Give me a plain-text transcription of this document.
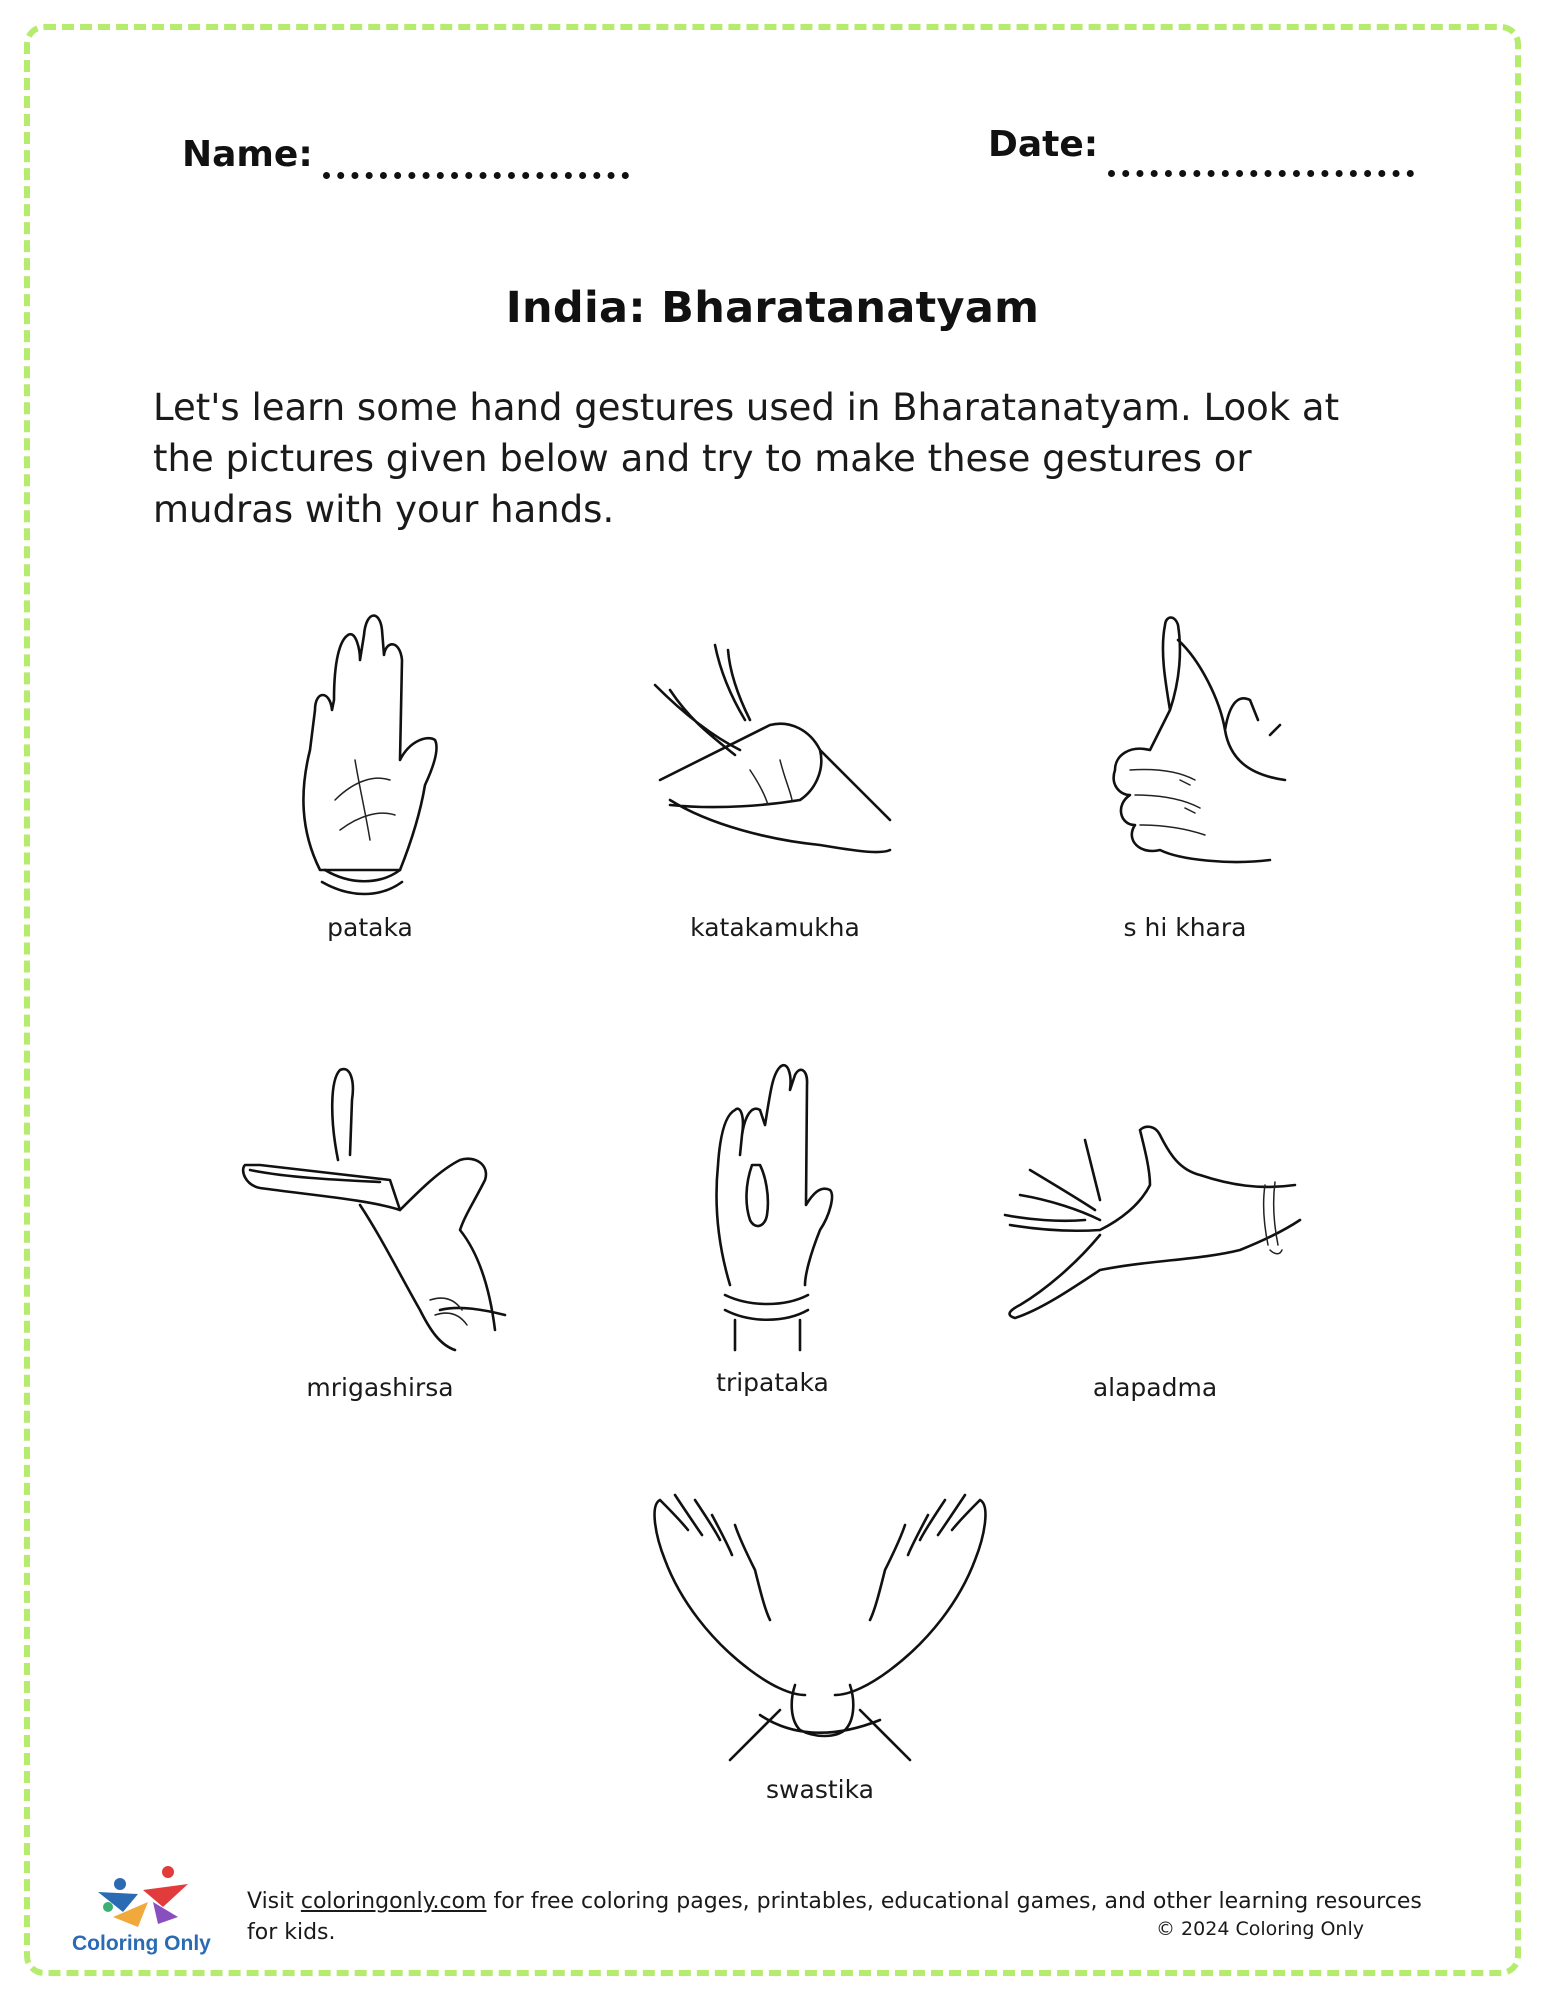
Name:	Date:
India: Bharatanatyam
Let's learn some hand gestures used in Bharatanatyam. Look at the pictures given below and try to make these gestures or mudras with your hands.
pataka	katakamukha	s hi khara
mrigashirsa	tripataka	alapadma
swastika
Coloring Only
Visit coloringonly.com for free coloring pages, printables, educational games, and other learning resources for kids.	© 2024 Coloring Only
